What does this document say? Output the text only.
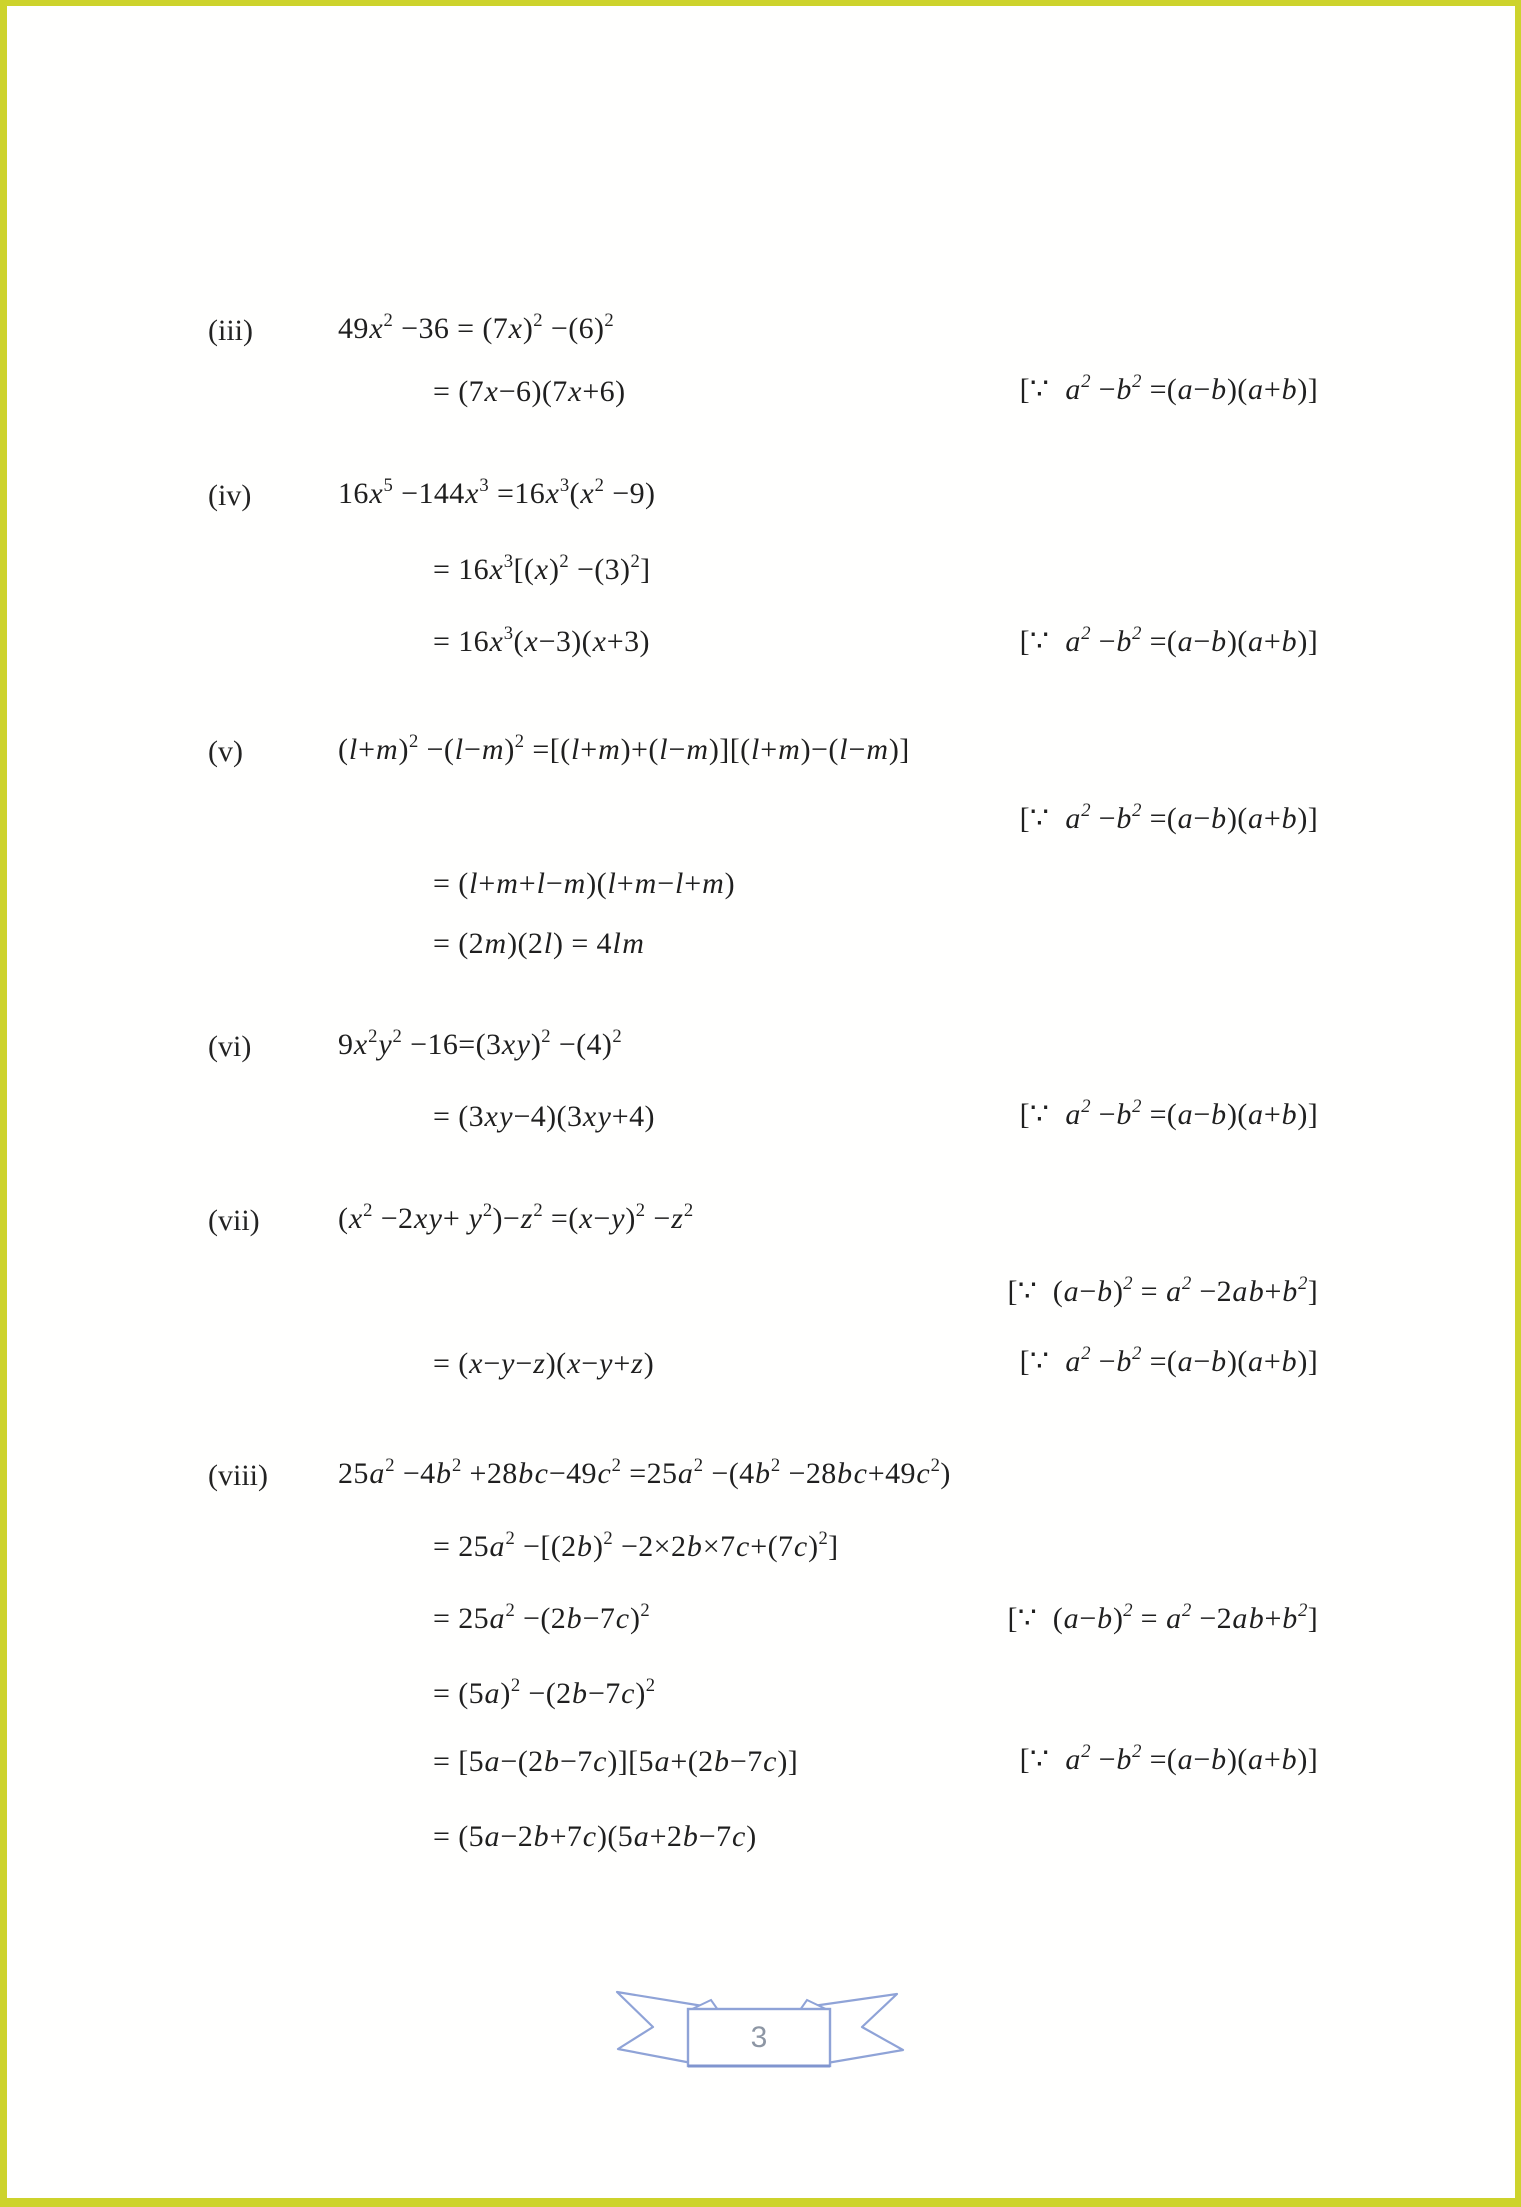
(iii)	$49x^2 -36 = (7x)^2 -(6)^2$
= (7x−6)(7x+6)	[∵  $a^2 -b^2 =(a-b)(a+b)$]
(iv)	$16x^5 -144x^3 =16x^3(x^2 -9)$
= $16x^3[(x)^2 -(3)^2]$
= $16x^3(x-3)(x+3)$	[∵  $a^2 -b^2 =(a-b)(a+b)$]
(v)	$(l+m)^2 -(l-m)^2 =[(l+m)+(l-m)][(l+m)-(l-m)]$
[∵  $a^2 -b^2 =(a-b)(a+b)$]
= (l+m+l−m)(l+m−l+m)
= (2m)(2l) = 4lm
(vi)	$9x^2y^2 -16=(3xy)^2 -(4)^2$
= (3xy−4)(3xy+4)	[∵  $a^2 -b^2 =(a-b)(a+b)$]
(vii)	$(x^2 -2xy+ y^2)-z^2 =(x-y)^2 -z^2$
[∵  $(a-b)^2 = a^2 -2ab+b^2$]
= (x−y−z)(x−y+z)	[∵  $a^2 -b^2 =(a-b)(a+b)$]
(viii)	$25a^2 -4b^2 +28bc-49c^2 =25a^2 -(4b^2 -28bc+49c^2)$
= $25a^2 -[(2b)^2 -2\times 2b\times 7c+(7c)^2]$
= $25a^2 -(2b-7c)^2$	[∵  $(a-b)^2 = a^2 -2ab+b^2$]
= $(5a)^2 -(2b-7c)^2$
= [5a−(2b−7c)][5a+(2b−7c)]	[∵  $a^2 -b^2 =(a-b)(a+b)$]
= (5a−2b+7c)(5a+2b−7c)
3
